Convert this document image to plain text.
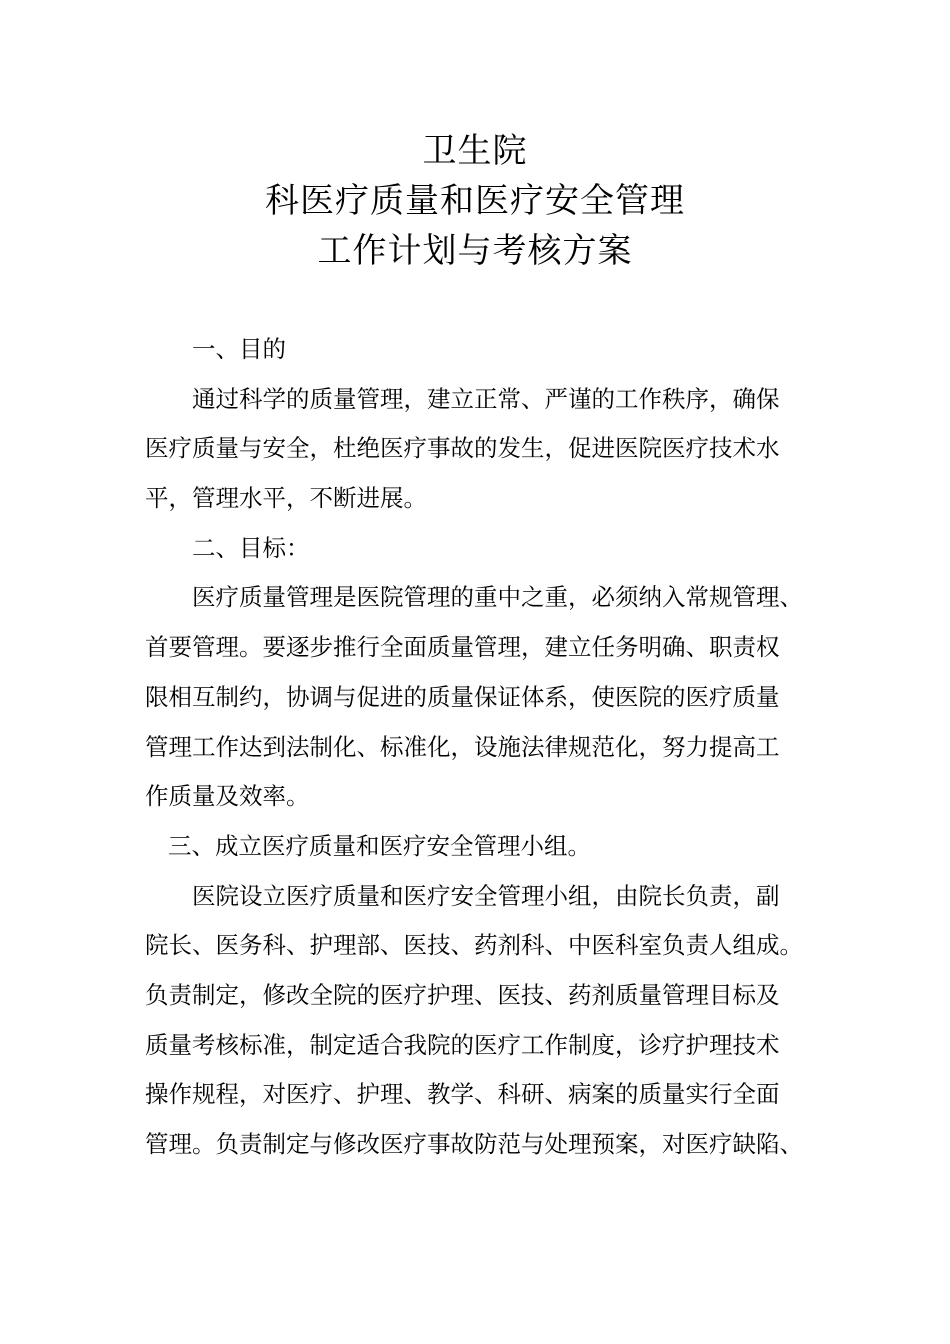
卫生院
科医疗质量和医疗安全管理
工作计划与考核方案
一、目的
通过科学的质量管理，建立正常、严谨的工作秩序，确保
医疗质量与安全，杜绝医疗事故的发生，促进医院医疗技术水
平，管理水平，不断进展。
二、目标：
医疗质量管理是医院管理的重中之重，必须纳入常规管理、
首要管理。要逐步推行全面质量管理，建立任务明确、职责权
限相互制约，协调与促进的质量保证体系，使医院的医疗质量
管理工作达到法制化、标准化，设施法律规范化，努力提高工
作质量及效率。
三、成立医疗质量和医疗安全管理小组。
医院设立医疗质量和医疗安全管理小组，由院长负责，副
院长、医务科、护理部、医技、药剂科、中医科室负责人组成。
负责制定，修改全院的医疗护理、医技、药剂质量管理目标及
质量考核标准，制定适合我院的医疗工作制度，诊疗护理技术
操作规程，对医疗、护理、教学、科研、病案的质量实行全面
管理。负责制定与修改医疗事故防范与处理预案，对医疗缺陷、
